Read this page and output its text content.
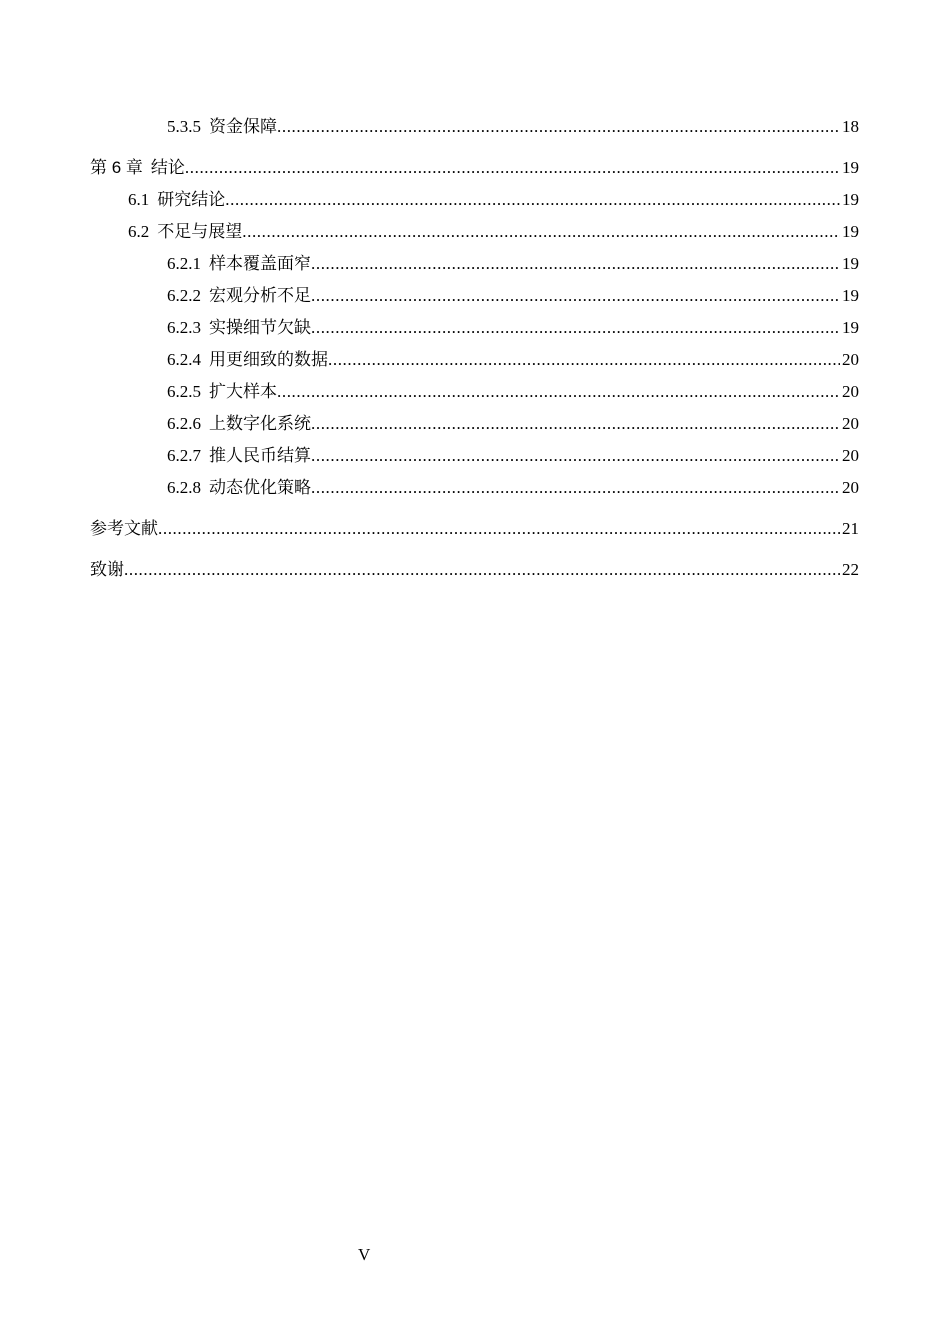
5.3.5 资金保障 .....	18
第 6 章 结论 .....	19
6.1 研究结论 .....	19
6.2 不足与展望 .....	19
6.2.1 样本覆盖面窄 .....	19
6.2.2 宏观分析不足 .....	19
6.2.3 实操细节欠缺 .....	19
6.2.4 用更细致的数据 .....	20
6.2.5 扩大样本 .....	20
6.2.6 上数字化系统 .....	20
6.2.7 推人民币结算 .....	20
6.2.8 动态优化策略 .....	20
参考文献 .....	21
致谢 .....	22
V
